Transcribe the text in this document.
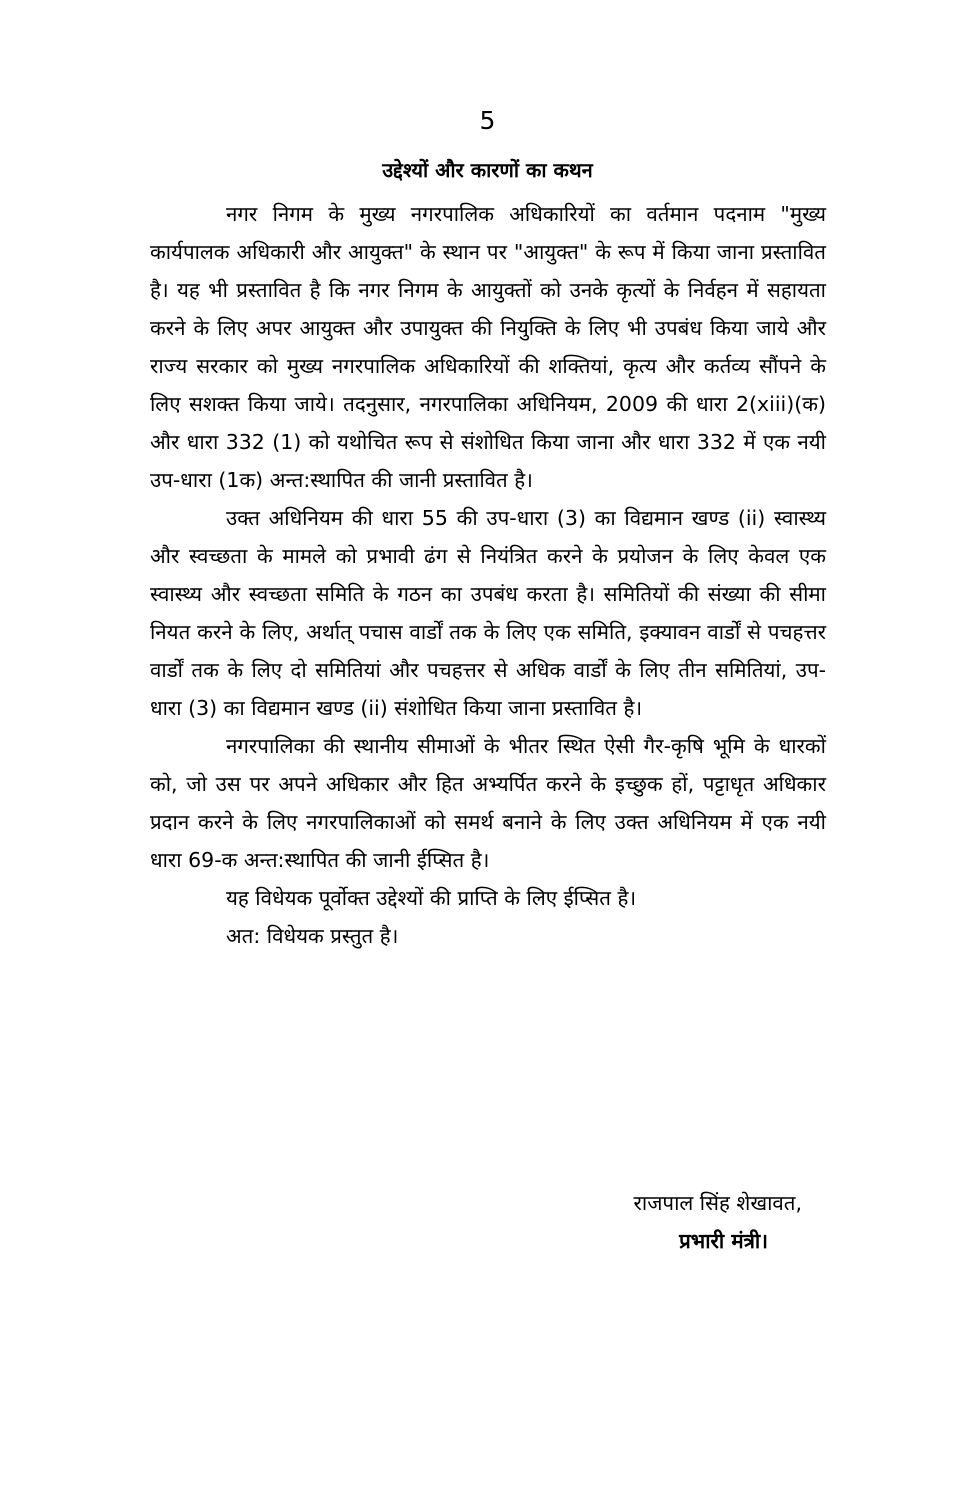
5
उद्देश्यों और कारणों का कथन

नगर निगम के मुख्य नगरपालिक अधिकारियों का वर्तमान पदनाम "मुख्य कार्यपालक अधिकारी और आयुक्त" के स्थान पर "आयुक्त" के रूप में किया जाना प्रस्तावित है। यह भी प्रस्तावित है कि नगर निगम के आयुक्तों को उनके कृत्यों के निर्वहन में सहायता करने के लिए अपर आयुक्त और उपायुक्त की नियुक्ति के लिए भी उपबंध किया जाये और राज्य सरकार को मुख्य नगरपालिक अधिकारियों की शक्तियां, कृत्य और कर्तव्य सौंपने के लिए सशक्त किया जाये। तदनुसार, नगरपालिका अधिनियम, 2009 की धारा 2(xiii)(क) और धारा 332 (1) को यथोचित रूप से संशोधित किया जाना और धारा 332 में एक नयी उप-धारा (1क) अन्त:स्थापित की जानी प्रस्तावित है।

उक्त अधिनियम की धारा 55 की उप-धारा (3) का विद्यमान खण्ड (ii) स्वास्थ्य और स्वच्छता के मामले को प्रभावी ढंग से नियंत्रित करने के प्रयोजन के लिए केवल एक स्वास्थ्य और स्वच्छता समिति के गठन का उपबंध करता है। समितियों की संख्या की सीमा नियत करने के लिए, अर्थात् पचास वार्डों तक के लिए एक समिति, इक्यावन वार्डों से पचहत्तर वार्डों तक के लिए दो समितियां और पचहत्तर से अधिक वार्डों के लिए तीन समितियां, उप-धारा (3) का विद्यमान खण्ड (ii) संशोधित किया जाना प्रस्तावित है।

नगरपालिका की स्थानीय सीमाओं के भीतर स्थित ऐसी गैर-कृषि भूमि के धारकों को, जो उस पर अपने अधिकार और हित अभ्यर्पित करने के इच्छुक हों, पट्टाधृत अधिकार प्रदान करने के लिए नगरपालिकाओं को समर्थ बनाने के लिए उक्त अधिनियम में एक नयी धारा 69-क अन्त:स्थापित की जानी ईप्सित है।

यह विधेयक पूर्वोक्त उद्देश्यों की प्राप्ति के लिए ईप्सित है।

अत: विधेयक प्रस्तुत है।

राजपाल सिंह शेखावत,
प्रभारी मंत्री।
